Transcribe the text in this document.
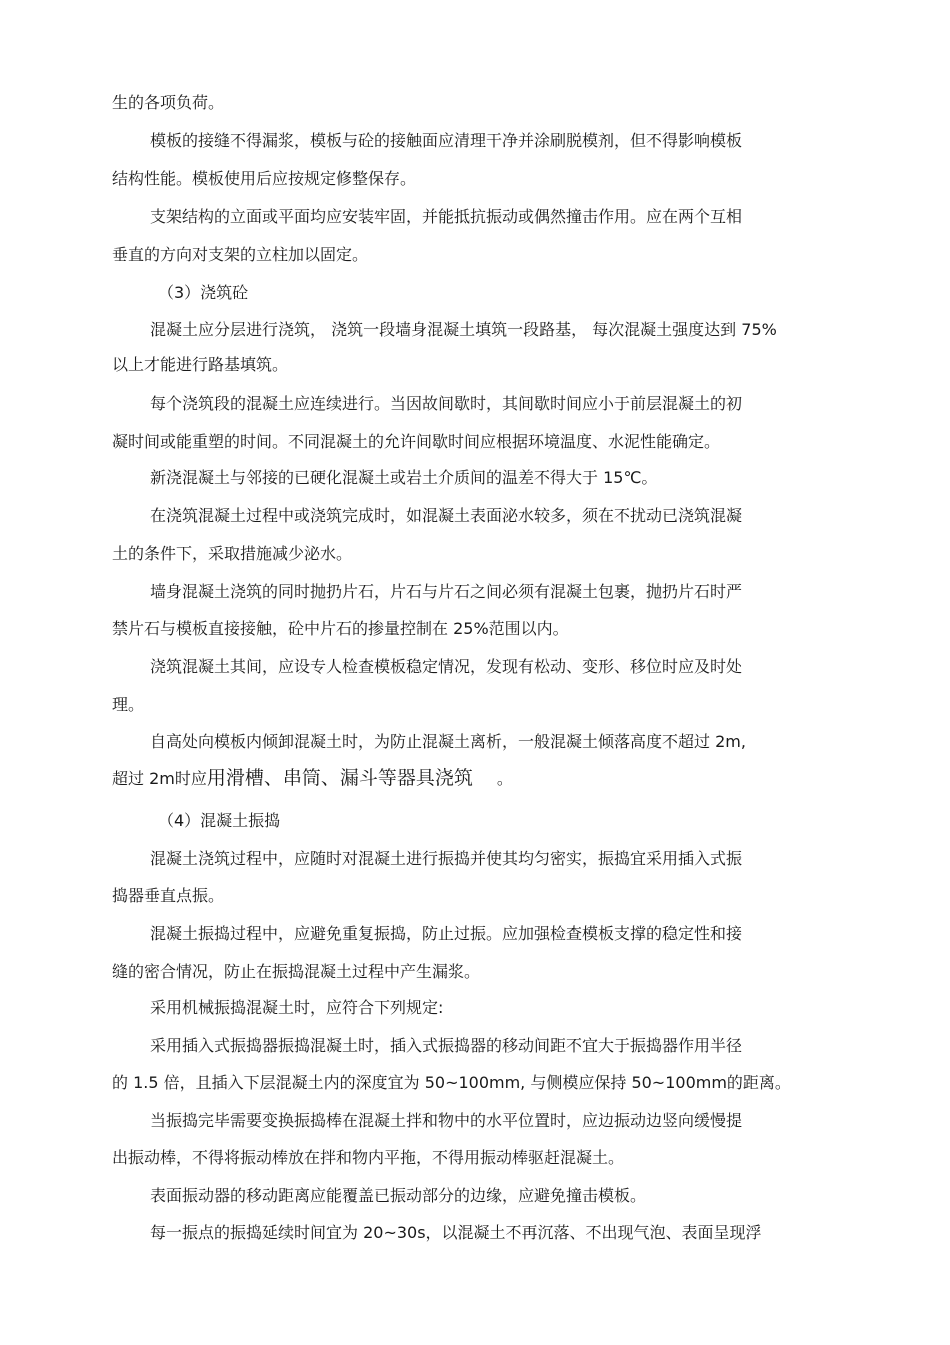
生的各项负荷。
模板的接缝不得漏浆，模板与砼的接触面应清理干净并涂刷脱模剂，但不得影响模板
结构性能。模板使用后应按规定修整保存。
支架结构的立面或平面均应安装牢固，并能抵抗振动或偶然撞击作用。应在两个互相
垂直的方向对支架的立柱加以固定。
（3）浇筑砼
混凝土应分层进行浇筑， 浇筑一段墙身混凝土填筑一段路基， 每次混凝土强度达到 75%
以上才能进行路基填筑。
每个浇筑段的混凝土应连续进行。当因故间歇时，其间歇时间应小于前层混凝土的初
凝时间或能重塑的时间。不同混凝土的允许间歇时间应根据环境温度、水泥性能确定。
新浇混凝土与邻接的已硬化混凝土或岩土介质间的温差不得大于 15℃。
在浇筑混凝土过程中或浇筑完成时，如混凝土表面泌水较多，须在不扰动已浇筑混凝
土的条件下，采取措施减少泌水。
墙身混凝土浇筑的同时抛扔片石，片石与片石之间必须有混凝土包裹，抛扔片石时严
禁片石与模板直接接触，砼中片石的掺量控制在 25%范围以内。
浇筑混凝土其间，应设专人检查模板稳定情况，发现有松动、变形、移位时应及时处
理。
自高处向模板内倾卸混凝土时，为防止混凝土离析，一般混凝土倾落高度不超过 2m,
超过 2m时应用滑槽、串筒、漏斗等器具浇筑 。
（4）混凝土振捣
混凝土浇筑过程中，应随时对混凝土进行振捣并使其均匀密实，振捣宜采用插入式振
捣器垂直点振。
混凝土振捣过程中，应避免重复振捣，防止过振。应加强检查模板支撑的稳定性和接
缝的密合情况，防止在振捣混凝土过程中产生漏浆。
采用机械振捣混凝土时，应符合下列规定:
采用插入式振捣器振捣混凝土时，插入式振捣器的移动间距不宜大于振捣器作用半径
的 1.5 倍，且插入下层混凝土内的深度宜为 50~100mm, 与侧模应保持 50~100mm的距离。
当振捣完毕需要变换振捣棒在混凝土拌和物中的水平位置时，应边振动边竖向缓慢提
出振动棒，不得将振动棒放在拌和物内平拖，不得用振动棒驱赶混凝土。
表面振动器的移动距离应能覆盖已振动部分的边缘，应避免撞击模板。
每一振点的振捣延续时间宜为 20~30s，以混凝土不再沉落、不出现气泡、表面呈现浮
